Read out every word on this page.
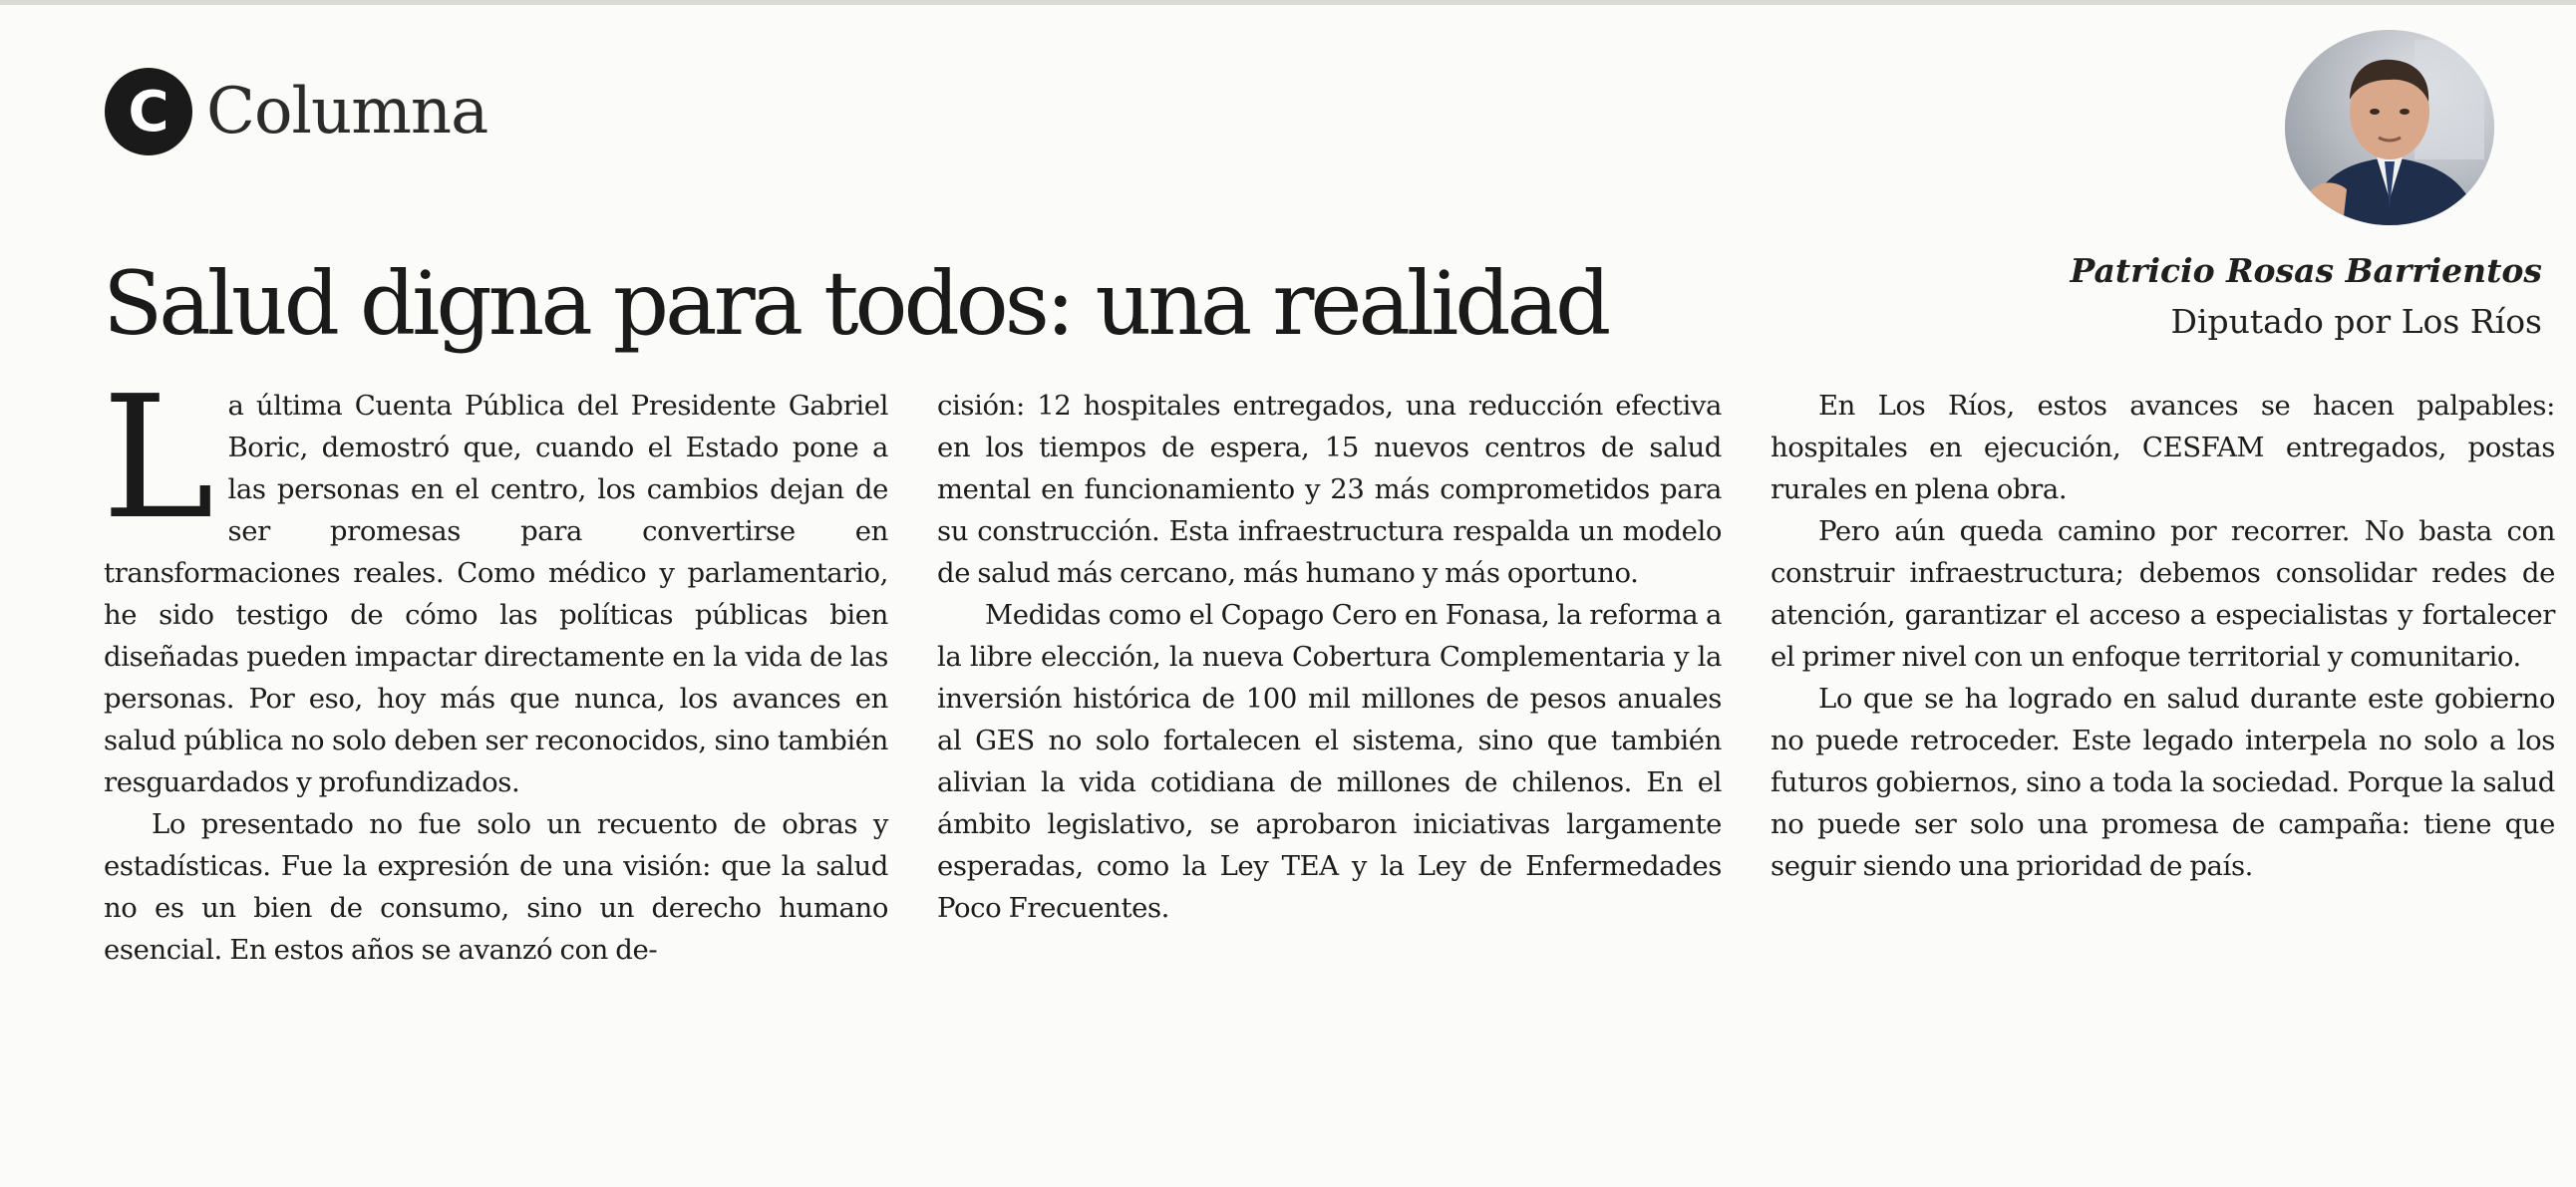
C Columna
Salud digna para todos: una realidad	Patricio Rosas Barrientos

Diputado por Los Ríos

La última Cuenta Pública del Presidente Gabriel Boric, demostró que, cuando el Estado pone a las personas en el centro, los cambios dejan de ser promesas para convertirse en transformaciones reales. Como médico y parlamentario, he sido testigo de cómo las políticas públicas bien diseñadas pueden impactar directamente en la vida de las personas. Por eso, hoy más que nunca, los avances en salud pública no solo deben ser reconocidos, sino también resguardados y profundizados.

Lo presentado no fue solo un recuento de obras y estadísticas. Fue la expresión de una visión: que la salud no es un bien de consumo, sino un derecho humano esencial. En estos años se avanzó con de-

cisión: 12 hospitales entregados, una reducción efectiva en los tiempos de espera, 15 nuevos centros de salud mental en funcionamiento y 23 más comprometidos para su construcción. Esta infraestructura respalda un modelo de salud más cercano, más humano y más oportuno.

Medidas como el Copago Cero en Fonasa, la reforma a la libre elección, la nueva Cobertura Complementaria y la inversión histórica de 100 mil millones de pesos anuales al GES no solo fortalecen el sistema, sino que también alivian la vida cotidiana de millones de chilenos. En el ámbito legislativo, se aprobaron iniciativas largamente esperadas, como la Ley TEA y la Ley de Enfermedades Poco Frecuentes.

En Los Ríos, estos avances se hacen palpables: hospitales en ejecución, CESFAM entregados, postas rurales en plena obra.

Pero aún queda camino por recorrer. No basta con construir infraestructura; debemos consolidar redes de atención, garantizar el acceso a especialistas y fortalecer el primer nivel con un enfoque territorial y comunitario.

Lo que se ha logrado en salud durante este gobierno no puede retroceder. Este legado interpela no solo a los futuros gobiernos, sino a toda la sociedad. Porque la salud no puede ser solo una promesa de campaña: tiene que seguir siendo una prioridad de país.
